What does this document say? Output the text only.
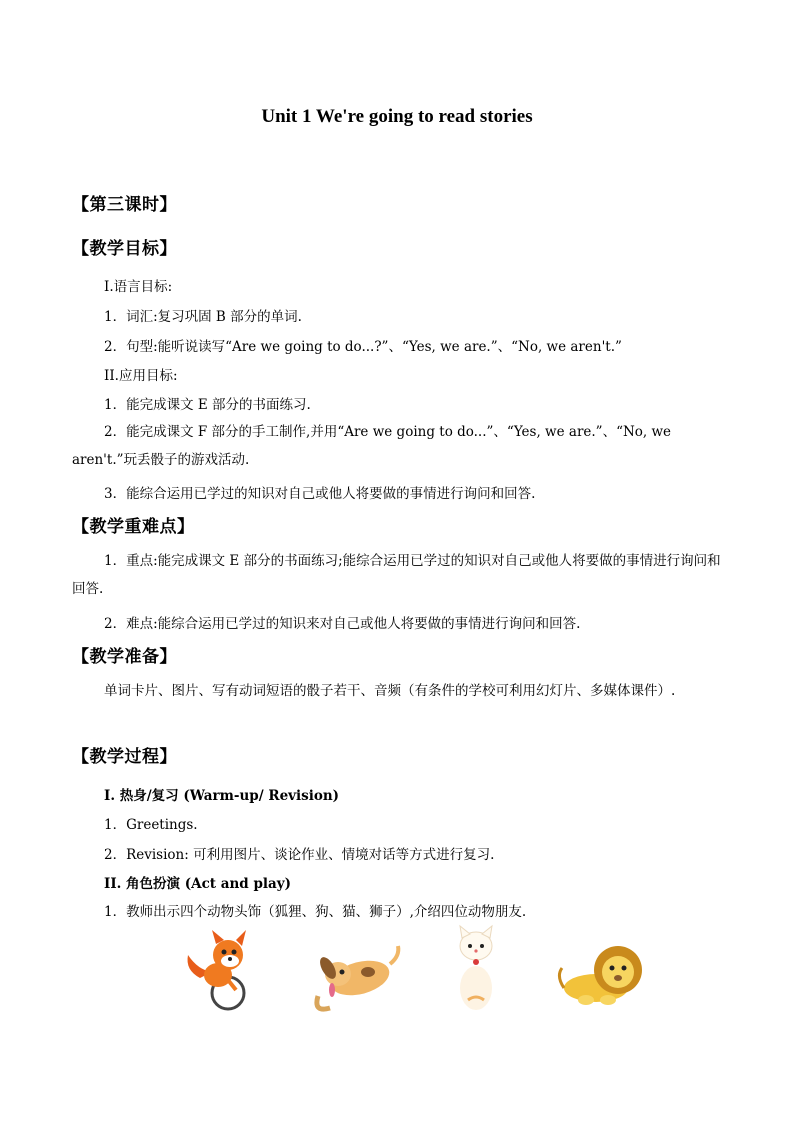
Unit 1 We're going to read stories
【第三课时】
【教学目标】
I.语言目标:
1．词汇:复习巩固 B 部分的单词.
2．句型:能听说读写“Are we going to do...?”、“Yes, we are.”、“No, we aren't.”
II.应用目标:
1．能完成课文 E 部分的书面练习.
2．能完成课文 F 部分的手工制作,并用“Are we going to do...”、“Yes, we are.”、“No, we aren't.”玩丢骰子的游戏活动.
3．能综合运用已学过的知识对自己或他人将要做的事情进行询问和回答.
【教学重难点】
1．重点:能完成课文 E 部分的书面练习;能综合运用已学过的知识对自己或他人将要做的事情进行询问和回答.
2．难点:能综合运用已学过的知识来对自己或他人将要做的事情进行询问和回答.
【教学准备】
单词卡片、图片、写有动词短语的骰子若干、音频（有条件的学校可利用幻灯片、多媒体课件）.
【教学过程】
I. 热身/复习 (Warm-up/ Revision)
1．Greetings.
2．Revision: 可利用图片、谈论作业、情境对话等方式进行复习.
II. 角色扮演 (Act and play)
1．教师出示四个动物头饰（狐狸、狗、猫、狮子）,介绍四位动物朋友.
